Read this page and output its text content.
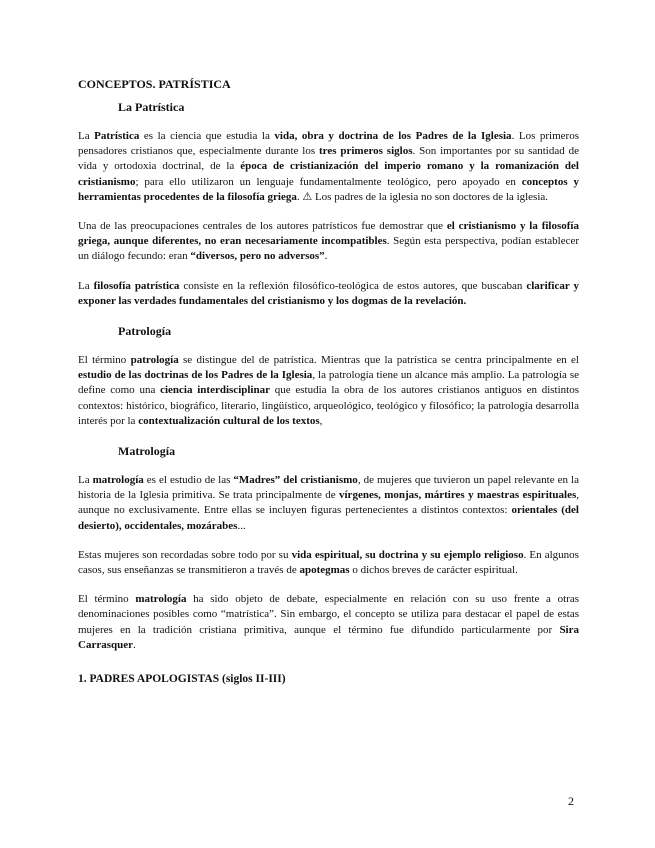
CONCEPTOS. PATRÍSTICA
La Patrística

La Patrística es la ciencia que estudia la vida, obra y doctrina de los Padres de la Iglesia. Los primeros pensadores cristianos que, especialmente durante los tres primeros siglos. Son importantes por su santidad de vida y ortodoxia doctrinal, de la época de cristianización del imperio romano y la romanización del cristianismo; para ello utilizaron un lenguaje fundamentalmente teológico, pero apoyado en conceptos y herramientas procedentes de la filosofía griega. ⚠ Los padres de la iglesia no son doctores de la iglesia.

Una de las preocupaciones centrales de los autores patrísticos fue demostrar que el cristianismo y la filosofía griega, aunque diferentes, no eran necesariamente incompatibles. Según esta perspectiva, podían establecer un diálogo fecundo: eran “diversos, pero no adversos”.

La filosofía patrística consiste en la reflexión filosófico-teológica de estos autores, que buscaban clarificar y exponer las verdades fundamentales del cristianismo y los dogmas de la revelación.

Patrología

El término patrología se distingue del de patrística. Mientras que la patrística se centra principalmente en el estudio de las doctrinas de los Padres de la Iglesia, la patrología tiene un alcance más amplio. La patrología se define como una ciencia interdisciplinar que estudia la obra de los autores cristianos antiguos en distintos contextos: histórico, biográfico, literario, lingüístico, arqueológico, teológico y filosófico; la patrología desarrolla interés por la contextualización cultural de los textos,

Matrología

La matrología es el estudio de las “Madres” del cristianismo, de mujeres que tuvieron un papel relevante en la historia de la Iglesia primitiva. Se trata principalmente de vírgenes, monjas, mártires y maestras espirituales, aunque no exclusivamente. Entre ellas se incluyen figuras pertenecientes a distintos contextos: orientales (del desierto), occidentales, mozárabes...

Estas mujeres son recordadas sobre todo por su vida espiritual, su doctrina y su ejemplo religioso. En algunos casos, sus enseñanzas se transmitieron a través de apotegmas o dichos breves de carácter espiritual.

El término matrología ha sido objeto de debate, especialmente en relación con su uso frente a otras denominaciones posibles como “matrística”. Sin embargo, el concepto se utiliza para destacar el papel de estas mujeres en la tradición cristiana primitiva, aunque el término fue difundido particularmente por Sira Carrasquer.

1. PADRES APOLOGISTAS (siglos II-III)
2
